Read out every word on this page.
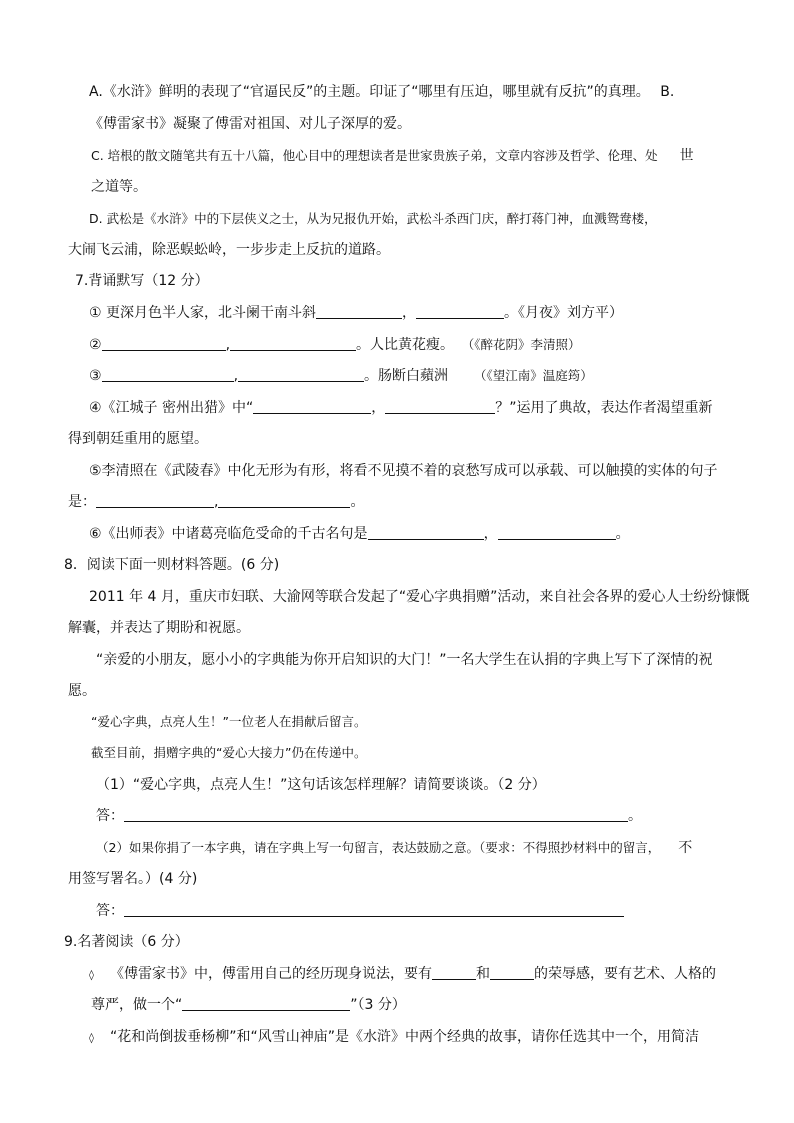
A.《水浒》鲜明的表现了“官逼民反”的主题。印证了“哪里有压迫，哪里就有反抗”的真理。 B.
《傅雷家书》凝聚了傅雷对祖国、对儿子深厚的爱。
C. 培根的散文随笔共有五十八篇，他心目中的理想读者是世家贵族子弟，文章内容涉及哲学、伦理、处 世
之道等。
D. 武松是《水浒》中的下层侠义之士，从为兄报仇开始，武松斗杀西门庆，醉打蒋门神，血溅鸳鸯楼，
大闹飞云浦，除恶蜈蚣岭，一步步走上反抗的道路。
7.背诵默写（12 分）
① 更深月色半人家，北斗阑干南斗斜	，	。《月夜》刘方平）
②	,	。人比黄花瘦。 （《醉花阴》李清照）
③	,	。肠断白蘋洲 （《望江南》温庭筠）
④《江城子 密州出猎》中“	，	？”运用了典故，表达作者渴望重新
得到朝廷重用的愿望。
⑤李清照在《武陵春》中化无形为有形，将看不见摸不着的哀愁写成可以承载、可以触摸的实体的句子
是：	,	。
⑥《出师表》中诸葛亮临危受命的千古名句是	，	。
8．阅读下面一则材料答题。(6 分)
2011 年 4 月，重庆市妇联、大渝网等联合发起了“爱心字典捐赠”活动，来自社会各界的爱心人士纷纷慷慨
解囊，并表达了期盼和祝愿。
“亲爱的小朋友，愿小小的字典能为你开启知识的大门！”一名大学生在认捐的字典上写下了深情的祝
愿。
“爱心字典，点亮人生！”一位老人在捐献后留言。
截至目前，捐赠字典的“爱心大接力”仍在传递中。
（1）“爱心字典，点亮人生！”这句话该怎样理解？请简要谈谈。（2 分）
答：	。
（2）如果你捐了一本字典，请在字典上写一句留言，表达鼓励之意。（要求：不得照抄材料中的留言， 不
用签写署名。）(4 分)
答：
9.名著阅读（6 分）
◊ 《傅雷家书》中，傅雷用自己的经历现身说法，要有	和	的荣辱感，要有艺术、人格的
尊严，做一个“	”（3 分）
◊ “花和尚倒拔垂杨柳”和“风雪山神庙”是《水浒》中两个经典的故事，请你任选其中一个，用简洁
